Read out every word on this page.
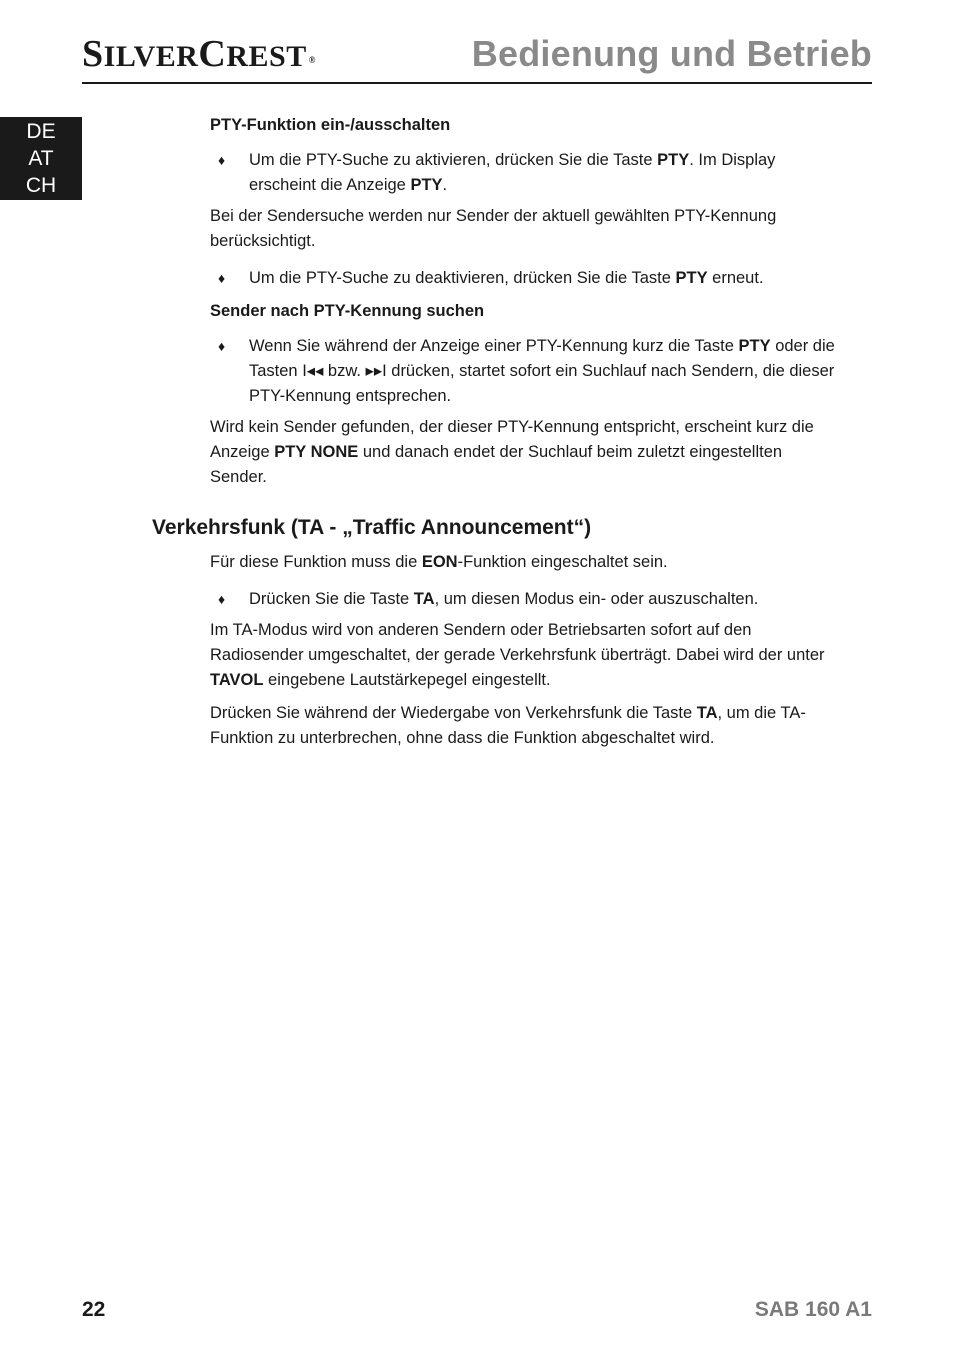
SILVERCREST ®	Bedienung und Betrieb
DE
AT
CH
PTY-Funktion ein-/ausschalten
♦ Um die PTY-Suche zu aktivieren, drücken Sie die Taste PTY. Im Display erscheint die Anzeige PTY.
Bei der Sendersuche werden nur Sender der aktuell gewählten PTY-Kennung berücksichtigt.
♦ Um die PTY-Suche zu deaktivieren, drücken Sie die Taste PTY erneut.
Sender nach PTY-Kennung suchen
♦ Wenn Sie während der Anzeige einer PTY-Kennung kurz die Taste PTY oder die Tasten I◂◂ bzw. ▸▸I drücken, startet sofort ein Suchlauf nach Sendern, die dieser PTY-Kennung entsprechen.
Wird kein Sender gefunden, der dieser PTY-Kennung entspricht, erscheint kurz die Anzeige PTY NONE und danach endet der Suchlauf beim zuletzt eingestellten Sender.
Verkehrsfunk (TA - „Traffic Announcement“)
Für diese Funktion muss die EON-Funktion eingeschaltet sein.
♦ Drücken Sie die Taste TA, um diesen Modus ein- oder auszuschalten.
Im TA-Modus wird von anderen Sendern oder Betriebsarten sofort auf den Radiosender umgeschaltet, der gerade Verkehrsfunk überträgt. Dabei wird der unter TAVOL eingebene Lautstärkepegel eingestellt.
Drücken Sie während der Wiedergabe von Verkehrsfunk die Taste TA, um die TA-Funktion zu unterbrechen, ohne dass die Funktion abgeschaltet wird.
22	SAB 160 A1
